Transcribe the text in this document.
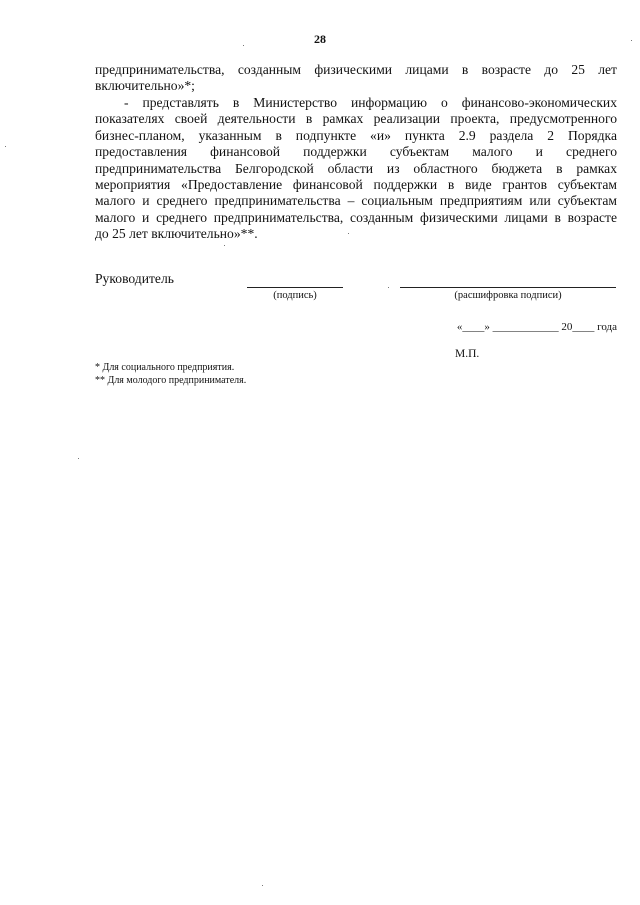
28
предпринимательства, созданным физическими лицами в возрасте до 25 лет
включительно»*;
- представлять в Министерство информацию о финансово-экономических
показателях своей деятельности в рамках реализации проекта, предусмотренного
бизнес-планом, указанным в подпункте «и» пункта 2.9 раздела 2 Порядка
предоставления финансовой поддержки субъектам малого и среднего
предпринимательства Белгородской области из областного бюджета в рамках
мероприятия «Предоставление финансовой поддержки в виде грантов субъектам
малого и среднего предпринимательства – социальным предприятиям или субъектам
малого и среднего предпринимательства, созданным физическими лицами в возрасте
до 25 лет включительно»**.
Руководитель
(подпись)	(расшифровка подписи)
«____» ____________ 20____ года
М.П.
* Для социального предприятия.
** Для молодого предпринимателя.
